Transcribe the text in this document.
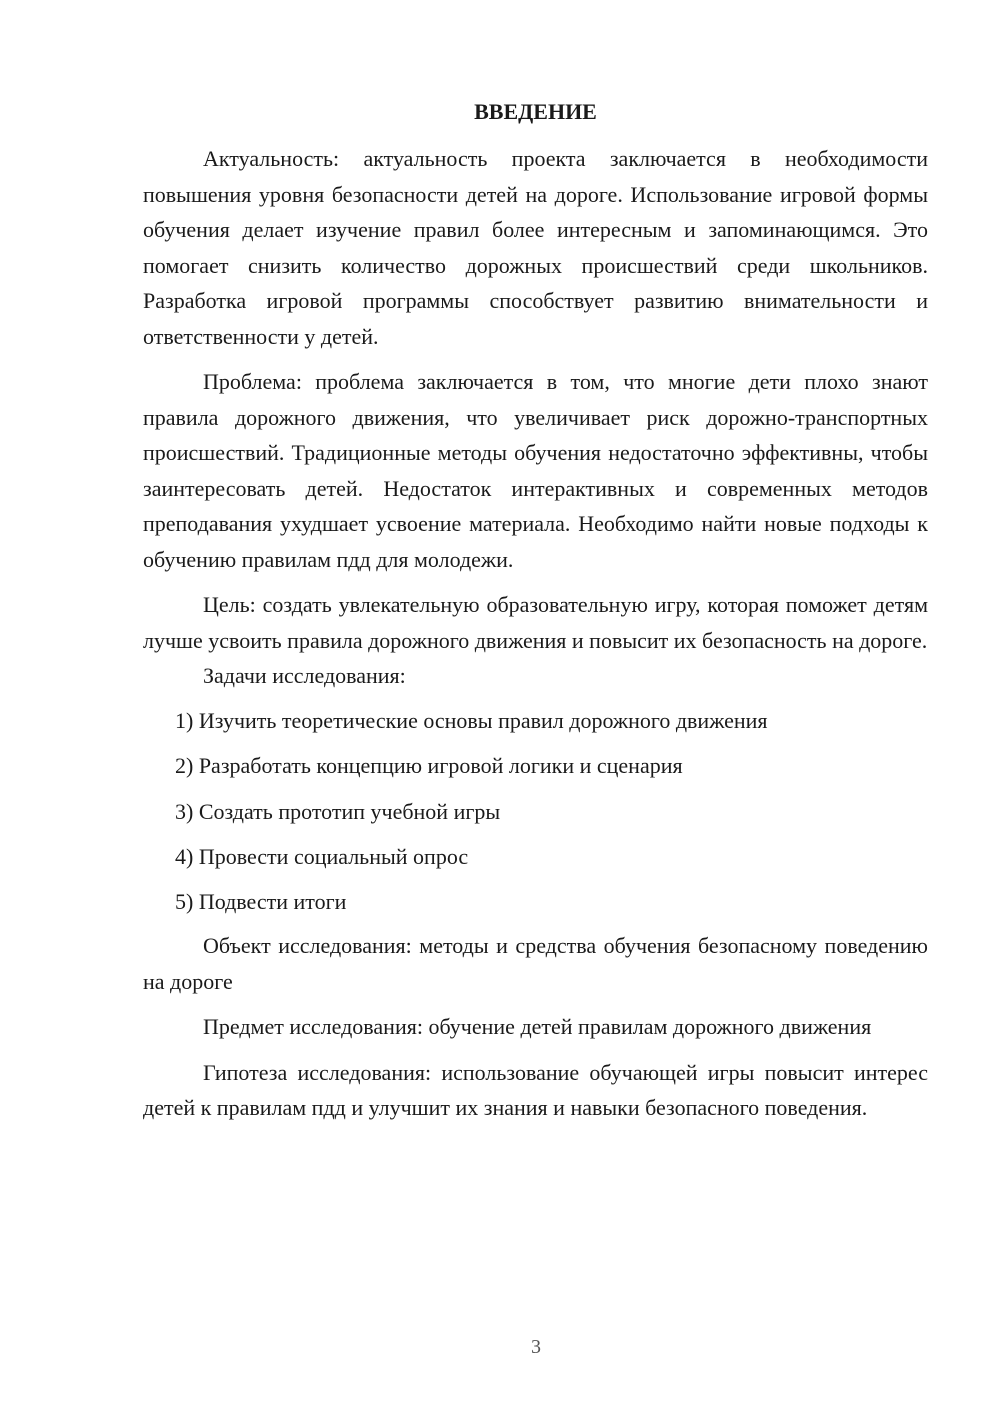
ВВЕДЕНИЕ

Актуальность: актуальность проекта заключается в необходимости повышения уровня безопасности детей на дороге. Использование игровой формы обучения делает изучение правил более интересным и запоминающимся. Это помогает снизить количество дорожных происшествий среди школьников. Разработка игровой программы способствует развитию внимательности и ответственности у детей.

Проблема: проблема заключается в том, что многие дети плохо знают правила дорожного движения, что увеличивает риск дорожно-транспортных происшествий. Традиционные методы обучения недостаточно эффективны, чтобы заинтересовать детей. Недостаток интерактивных и современных методов преподавания ухудшает усвоение материала. Необходимо найти новые подходы к обучению правилам пдд для молодежи.

Цель: создать увлекательную образовательную игру, которая поможет детям лучше усвоить правила дорожного движения и повысит их безопасность на дороге.

Задачи исследования:

1) Изучить теоретические основы правил дорожного движения
2) Разработать концепцию игровой логики и сценария
3) Создать прототип учебной игры
4) Провести социальный опрос
5) Подвести итоги

Объект исследования: методы и средства обучения безопасному поведению на дороге

Предмет исследования: обучение детей правилам дорожного движения

Гипотеза исследования: использование обучающей игры повысит интерес детей к правилам пдд и улучшит их знания и навыки безопасного поведения.

3
